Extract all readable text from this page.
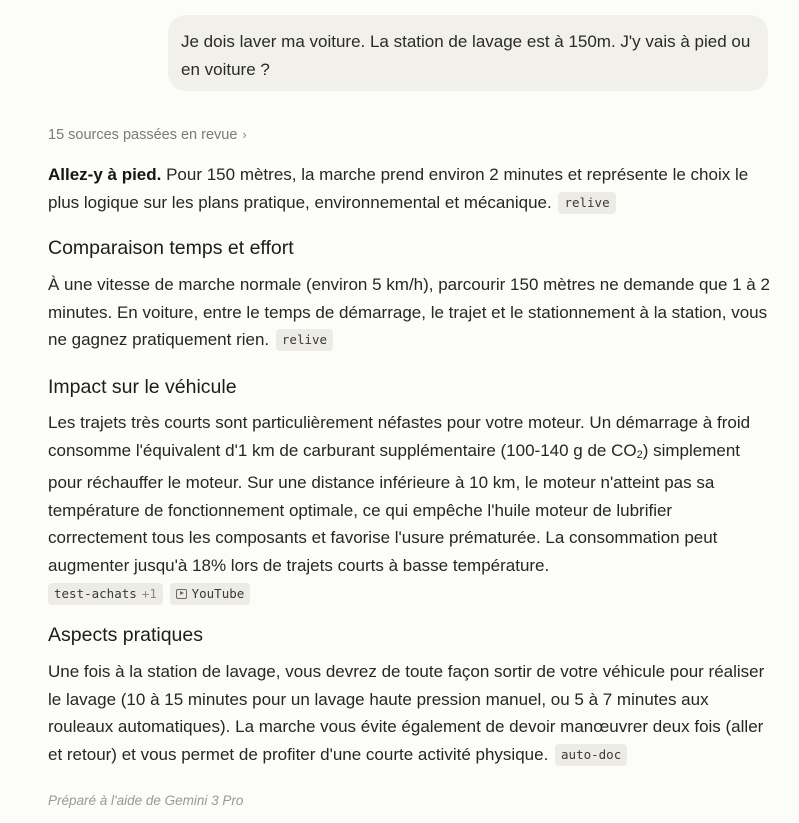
Je dois laver ma voiture. La station de lavage est à 150m. J'y vais à pied ou en voiture ?
15 sources passées en revue ›

Allez-y à pied. Pour 150 mètres, la marche prend environ 2 minutes et représente le choix le plus logique sur les plans pratique, environnemental et mécanique. relive

Comparaison temps et effort

À une vitesse de marche normale (environ 5 km/h), parcourir 150 mètres ne demande que 1 à 2 minutes. En voiture, entre le temps de démarrage, le trajet et le stationnement à la station, vous ne gagnez pratiquement rien. relive

Impact sur le véhicule

Les trajets très courts sont particulièrement néfastes pour votre moteur. Un démarrage à froid consomme l'équivalent d'1 km de carburant supplémentaire (100-140 g de CO2) simplement pour réchauffer le moteur. Sur une distance inférieure à 10 km, le moteur n'atteint pas sa température de fonctionnement optimale, ce qui empêche l'huile moteur de lubrifier correctement tous les composants et favorise l'usure prématurée. La consommation peut augmenter jusqu'à 18% lors de trajets courts à basse température.
test-achats +1	YouTube

Aspects pratiques

Une fois à la station de lavage, vous devrez de toute façon sortir de votre véhicule pour réaliser le lavage (10 à 15 minutes pour un lavage haute pression manuel, ou 5 à 7 minutes aux rouleaux automatiques). La marche vous évite également de devoir manœuvrer deux fois (aller et retour) et vous permet de profiter d'une courte activité physique. auto-doc

Préparé à l'aide de Gemini 3 Pro
